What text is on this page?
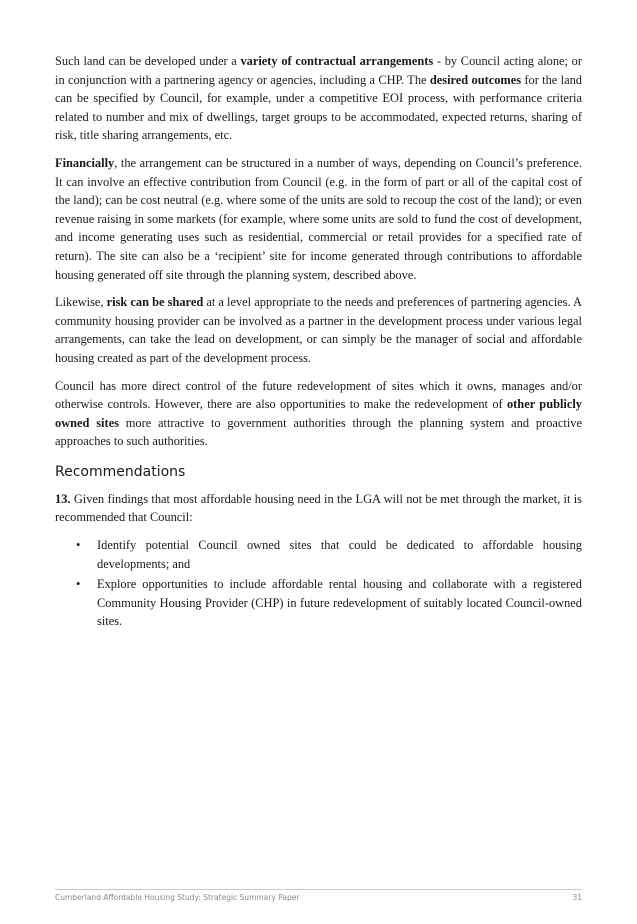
Such land can be developed under a variety of contractual arrangements - by Council acting alone; or in conjunction with a partnering agency or agencies, including a CHP. The desired outcomes for the land can be specified by Council, for example, under a competitive EOI process, with performance criteria related to number and mix of dwellings, target groups to be accommodated, expected returns, sharing of risk, title sharing arrangements, etc.

Financially, the arrangement can be structured in a number of ways, depending on Council’s preference. It can involve an effective contribution from Council (e.g. in the form of part or all of the capital cost of the land); can be cost neutral (e.g. where some of the units are sold to recoup the cost of the land); or even revenue raising in some markets (for example, where some units are sold to fund the cost of development, and income generating uses such as residential, commercial or retail provides for a specified rate of return). The site can also be a ‘recipient’ site for income generated through contributions to affordable housing generated off site through the planning system, described above.

Likewise, risk can be shared at a level appropriate to the needs and preferences of partnering agencies. A community housing provider can be involved as a partner in the development process under various legal arrangements, can take the lead on development, or can simply be the manager of social and affordable housing created as part of the development process.

Council has more direct control of the future redevelopment of sites which it owns, manages and/or otherwise controls. However, there are also opportunities to make the redevelopment of other publicly owned sites more attractive to government authorities through the planning system and proactive approaches to such authorities.

Recommendations

13. Given findings that most affordable housing need in the LGA will not be met through the market, it is recommended that Council:

• Identify potential Council owned sites that could be dedicated to affordable housing developments; and
• Explore opportunities to include affordable rental housing and collaborate with a registered Community Housing Provider (CHP) in future redevelopment of suitably located Council-owned sites.
Cumberland Affordable Housing Study: Strategic Summary Paper	31
